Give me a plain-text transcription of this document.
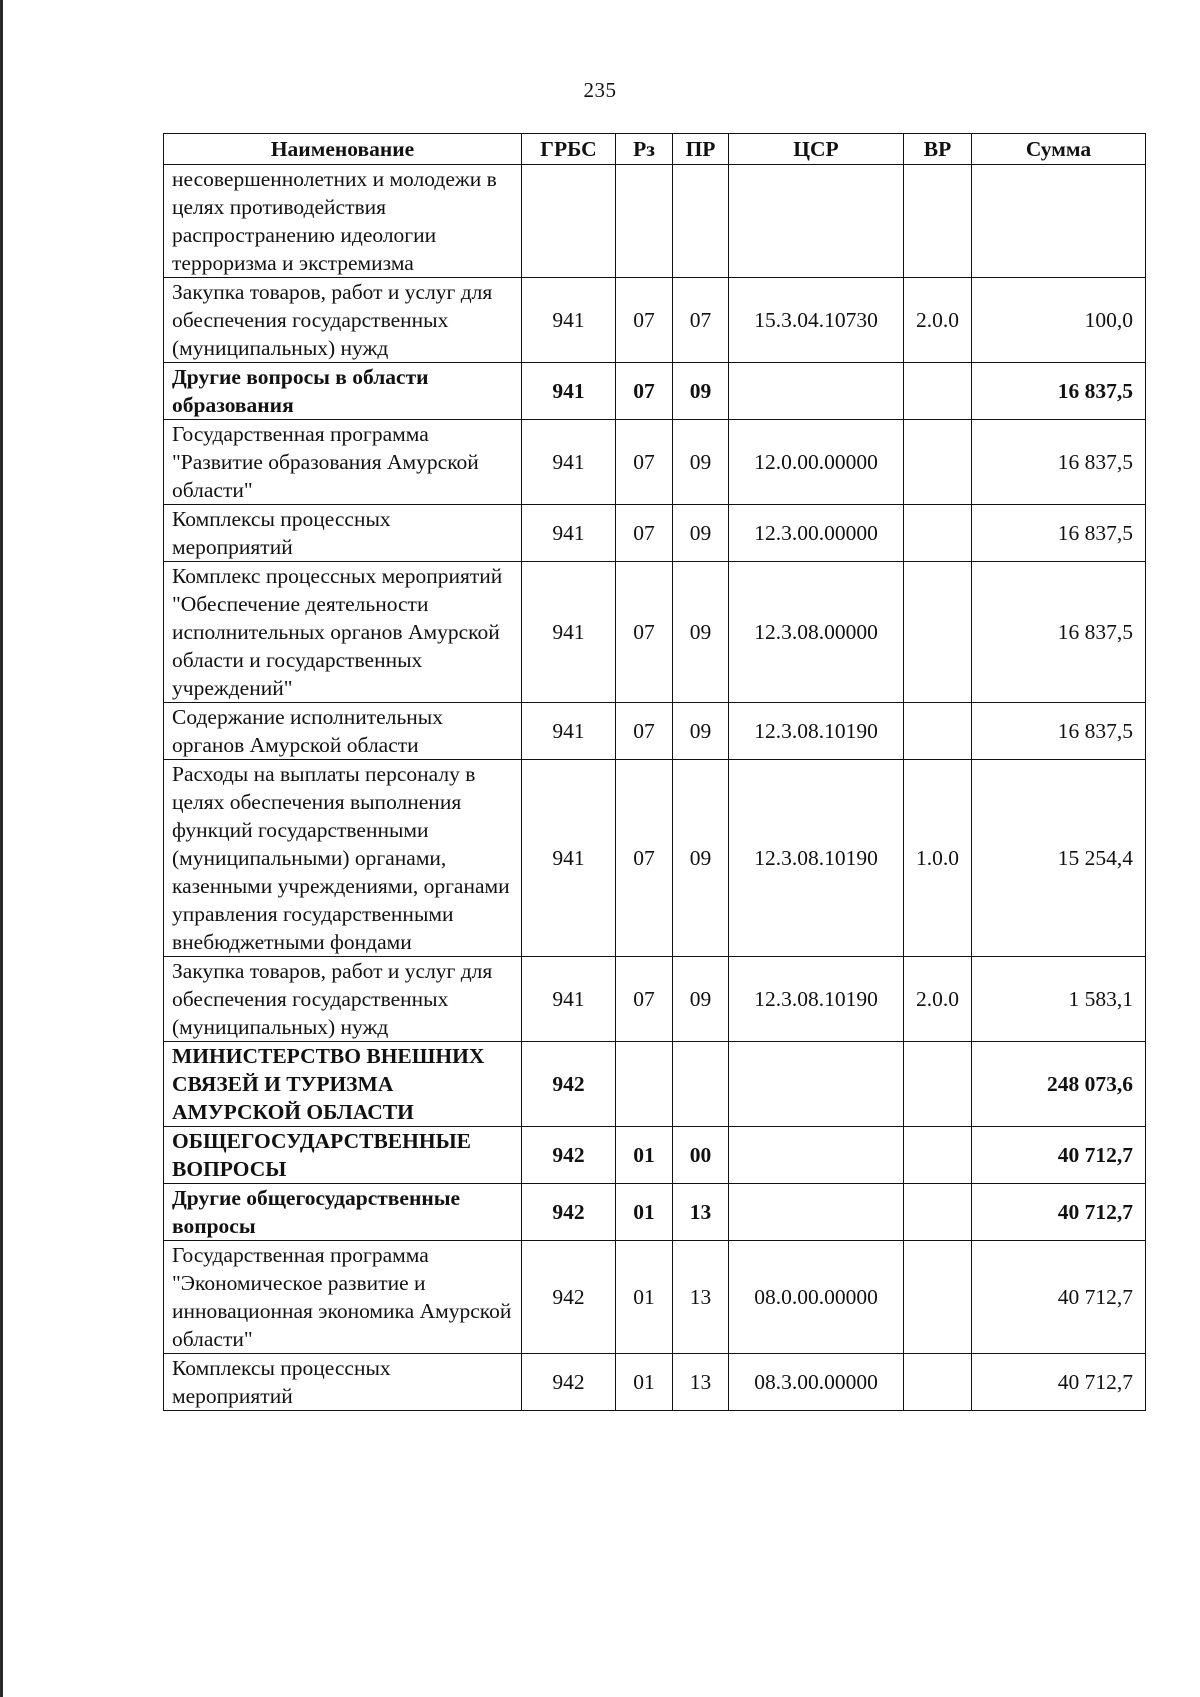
235
Наименование	ГРБС	Рз	ПР	ЦСР	ВР	Сумма
несовершеннолетних и молодежи в целях противодействия распространению идеологии терроризма и экстремизма						
Закупка товаров, работ и услуг для обеспечения государственных (муниципальных) нужд	941	07	07	15.3.04.10730	2.0.0	100,0
Другие вопросы в области образования	941	07	09			16 837,5
Государственная программа "Развитие образования Амурской области"	941	07	09	12.0.00.00000		16 837,5
Комплексы процессных мероприятий	941	07	09	12.3.00.00000		16 837,5
Комплекс процессных мероприятий "Обеспечение деятельности исполнительных органов Амурской области и государственных учреждений"	941	07	09	12.3.08.00000		16 837,5
Содержание исполнительных органов Амурской области	941	07	09	12.3.08.10190		16 837,5
Расходы на выплаты персоналу в целях обеспечения выполнения функций государственными (муниципальными) органами, казенными учреждениями, органами управления государственными внебюджетными фондами	941	07	09	12.3.08.10190	1.0.0	15 254,4
Закупка товаров, работ и услуг для обеспечения государственных (муниципальных) нужд	941	07	09	12.3.08.10190	2.0.0	1 583,1
МИНИСТЕРСТВО ВНЕШНИХ СВЯЗЕЙ И ТУРИЗМА АМУРСКОЙ ОБЛАСТИ	942					248 073,6
ОБЩЕГОСУДАРСТВЕННЫЕ ВОПРОСЫ	942	01	00			40 712,7
Другие общегосударственные вопросы	942	01	13			40 712,7
Государственная программа "Экономическое развитие и инновационная экономика Амурской области"	942	01	13	08.0.00.00000		40 712,7
Комплексы процессных мероприятий	942	01	13	08.3.00.00000		40 712,7
